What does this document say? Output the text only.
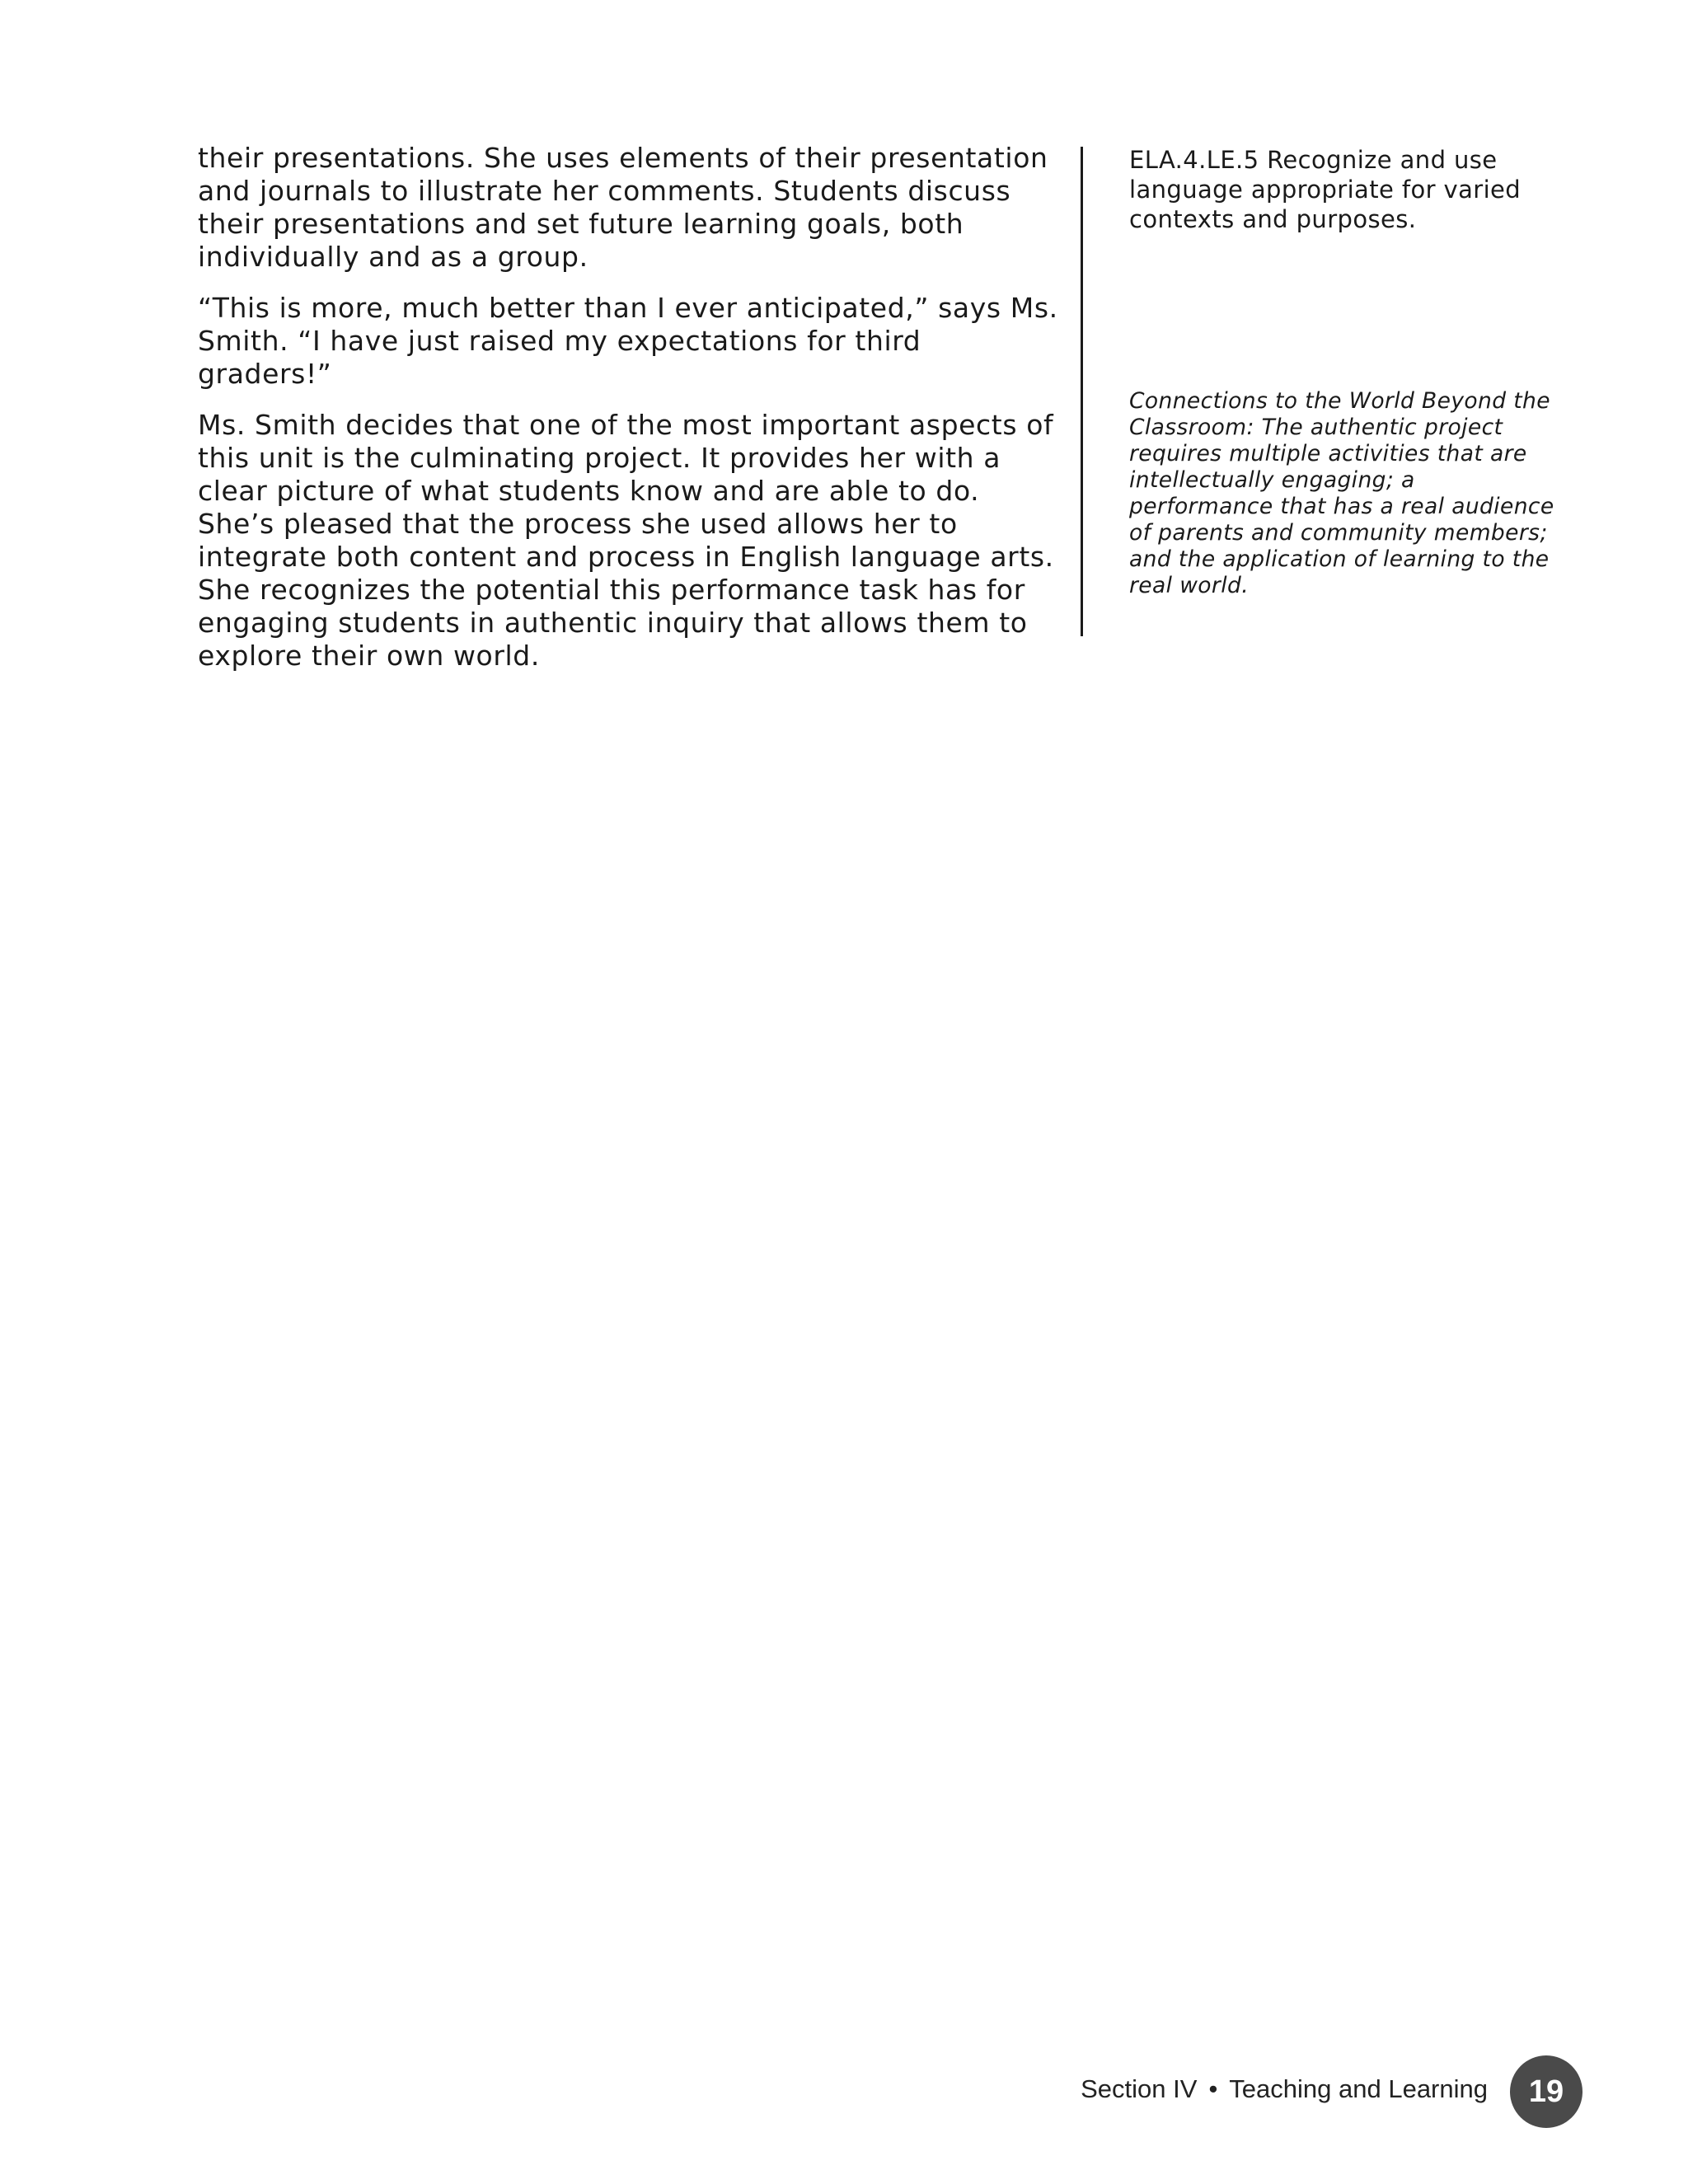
their presentations. She uses elements of their presentation and journals to illustrate her comments. Students discuss their presentations and set future learning goals, both individually and as a group.

“This is more, much better than I ever anticipated,” says Ms. Smith. “I have just raised my expectations for third graders!”

Ms. Smith decides that one of the most important aspects of this unit is the culminating project. It provides her with a clear picture of what students know and are able to do. She’s pleased that the process she used allows her to integrate both content and process in English language arts. She recognizes the potential this performance task has for engaging students in authentic inquiry that allows them to explore their own world.

ELA.4.LE.5 Recognize and use language appropriate for varied contexts and purposes.

Connections to the World Beyond the Classroom: The authentic project requires multiple activities that are intellectually engaging; a performance that has a real audience of parents and community members; and the application of learning to the real world.

Section IV • Teaching and Learning	19
